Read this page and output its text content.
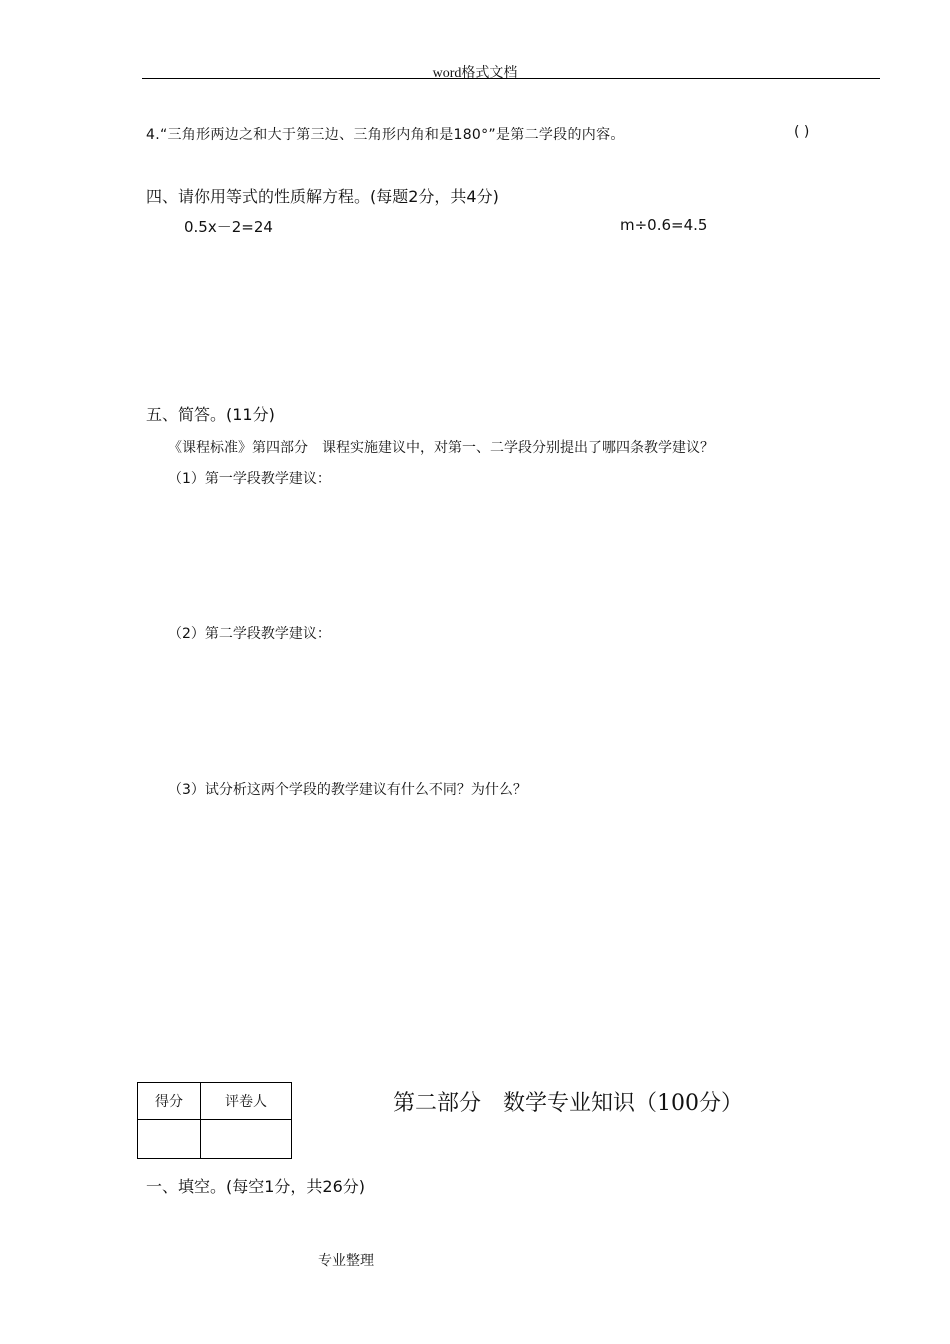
word格式文档
4.“三角形两边之和大于第三边、三角形内角和是180°”是第二学段的内容。	( )
四、请你用等式的性质解方程。(每题2分，共4分)
0.5x－2=24	m÷0.6=4.5
五、简答。(11分)
《课程标准》第四部分　课程实施建议中，对第一、二学段分别提出了哪四条教学建议？
（1）第一学段教学建议：
（2）第二学段教学建议：
（3）试分析这两个学段的教学建议有什么不同？为什么？
得分	评卷人
		第二部分　数学专业知识（100分）
一、填空。(每空1分，共26分)
专业整理
